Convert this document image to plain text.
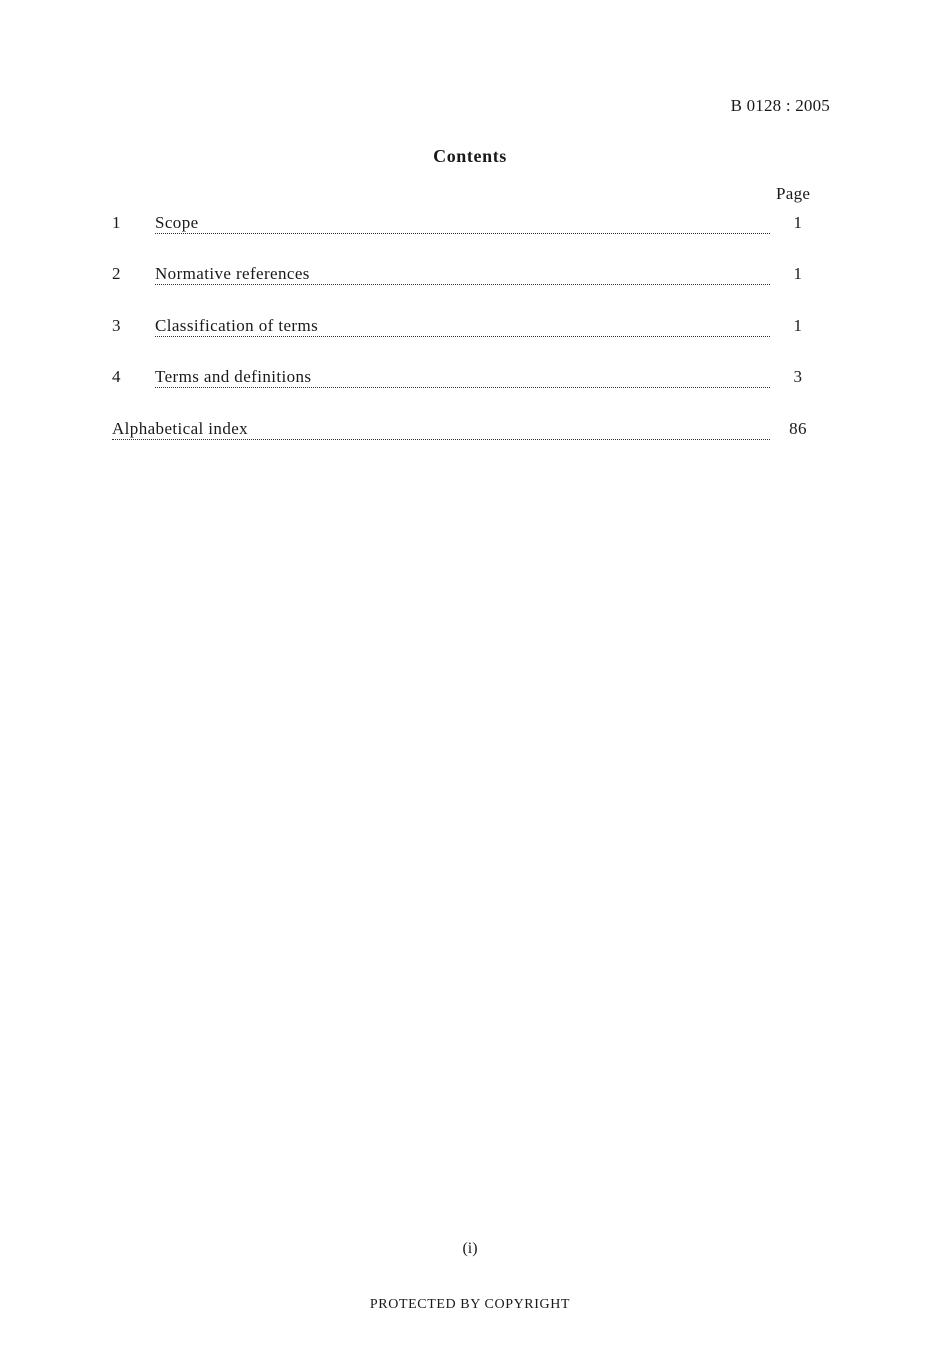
B 0128 : 2005
Contents
Page
1 Scope	1
2 Normative references	1
3 Classification of terms	1
4 Terms and definitions	3
Alphabetical index	86
(i)
PROTECTED BY COPYRIGHT
